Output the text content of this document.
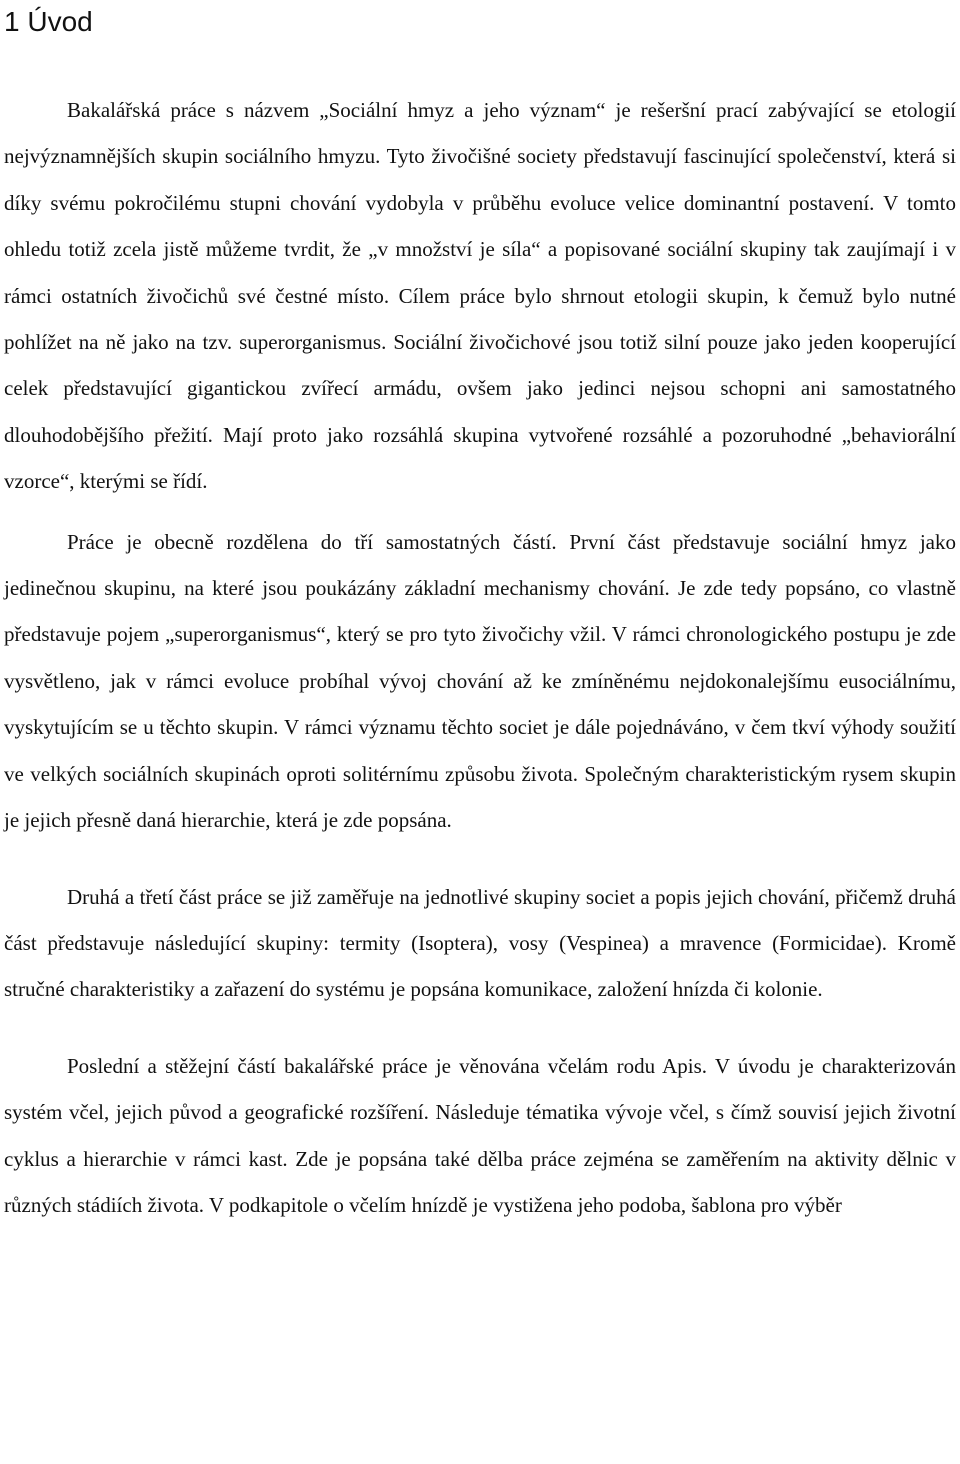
1 Úvod

Bakalářská práce s názvem „Sociální hmyz a jeho význam“ je rešeršní prací zabývající se etologií nejvýznamnějších skupin sociálního hmyzu. Tyto živočišné society představují fascinující společenství, která si díky svému pokročilému stupni chování vydobyla v průběhu evoluce velice dominantní postavení. V tomto ohledu totiž zcela jistě můžeme tvrdit, že „v množství je síla“ a popisované sociální skupiny tak zaujímají i v rámci ostatních živočichů své čestné místo. Cílem práce bylo shrnout etologii skupin, k čemuž bylo nutné pohlížet na ně jako na tzv. superorganismus. Sociální živočichové jsou totiž silní pouze jako jeden kooperující celek představující gigantickou zvířecí armádu, ovšem jako jedinci nejsou schopni ani samostatného dlouhodobějšího přežití. Mají proto jako rozsáhlá skupina vytvořené rozsáhlé a pozoruhodné „behaviorální vzorce“, kterými se řídí.

Práce je obecně rozdělena do tří samostatných částí. První část představuje sociální hmyz jako jedinečnou skupinu, na které jsou poukázány základní mechanismy chování. Je zde tedy popsáno, co vlastně představuje pojem „superorganismus“, který se pro tyto živočichy vžil. V rámci chronologického postupu je zde vysvětleno, jak v rámci evoluce probíhal vývoj chování až ke zmíněnému nejdokonalejšímu eusociálnímu, vyskytujícím se u těchto skupin. V rámci významu těchto societ je dále pojednáváno, v čem tkví výhody soužití ve velkých sociálních skupinách oproti solitérnímu způsobu života. Společným charakteristickým rysem skupin je jejich přesně daná hierarchie, která je zde popsána.

Druhá a třetí část práce se již zaměřuje na jednotlivé skupiny societ a popis jejich chování, přičemž druhá část představuje následující skupiny: termity (Isoptera), vosy (Vespinea) a mravence (Formicidae). Kromě stručné charakteristiky a zařazení do systému je popsána komunikace, založení hnízda či kolonie.

Poslední a stěžejní částí bakalářské práce je věnována včelám rodu Apis. V úvodu je charakterizován systém včel, jejich původ a geografické rozšíření. Následuje tématika vývoje včel, s čímž souvisí jejich životní cyklus a hierarchie v rámci kast. Zde je popsána také dělba práce zejména se zaměřením na aktivity dělnic v různých stádiích života. V podkapitole o včelím hnízdě je vystižena jeho podoba, šablona pro výběr
